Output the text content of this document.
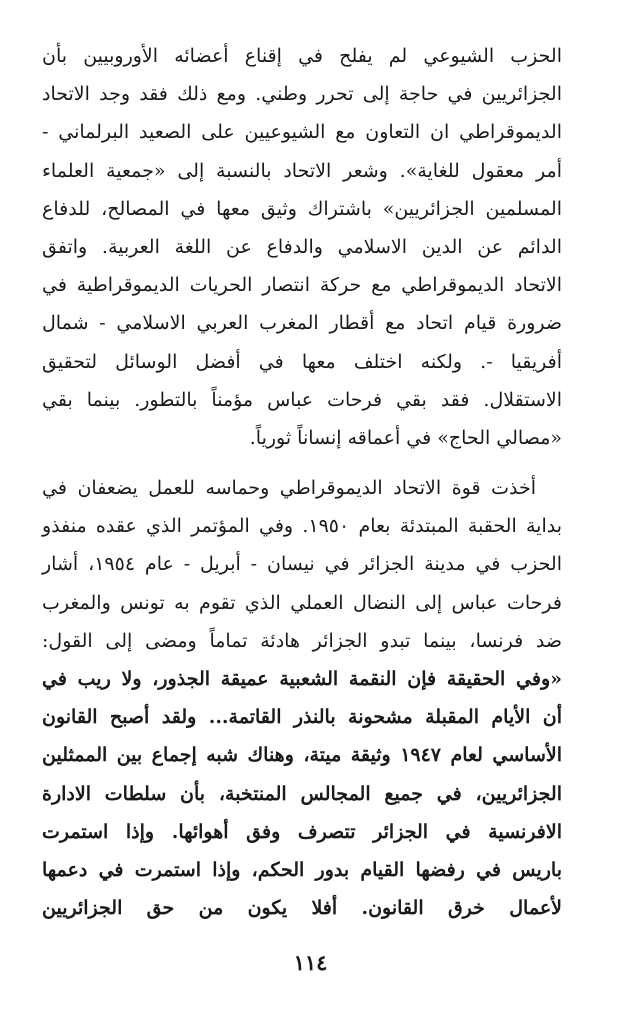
الحزب الشيوعي لم يفلح في إقناع أعضائه الأوروبيين بأن
الجزائريين في حاجة إلى تحرر وطني. ومع ذلك فقد وجد الاتحاد
الديموقراطي ان التعاون مع الشيوعيين على الصعيد البرلماني -
أمر معقول للغاية». وشعر الاتحاد بالنسبة إلى «جمعية العلماء
المسلمين الجزائريين» باشتراك وثيق معها في المصالح، للدفاع
الدائم عن الدين الاسلامي والدفاع عن اللغة العربية. واتفق
الاتحاد الديموقراطي مع حركة انتصار الحريات الديموقراطية في
ضرورة قيام اتحاد مع أقطار المغرب العربي الاسلامي - شمال
أفريقيا -. ولكنه اختلف معها في أفضل الوسائل لتحقيق
الاستقلال. فقد بقي فرحات عباس مؤمناً بالتطور. بينما بقي
«مصالي الحاج» في أعماقه إنساناً ثورياً.
أخذت قوة الاتحاد الديموقراطي وحماسه للعمل يضعفان في
بداية الحقبة المبتدئة بعام ١٩٥٠. وفي المؤتمر الذي عقده منفذو
الحزب في مدينة الجزائر في نيسان - أبريل - عام ١٩٥٤، أشار
فرحات عباس إلى النضال العملي الذي تقوم به تونس والمغرب
ضد فرنسا، بينما تبدو الجزائر هادئة تماماً ومضى إلى القول:
«وفي الحقيقة فإن النقمة الشعبية عميقة الجذور، ولا ريب في
أن الأيام المقبلة مشحونة بالنذر القاتمة... ولقد أصبح القانون
الأساسي لعام ١٩٤٧ وثيقة ميتة، وهناك شبه إجماع بين الممثلين
الجزائريين، في جميع المجالس المنتخبة، بأن سلطات الادارة
الافرنسية في الجزائر تتصرف وفق أهوائها. وإذا استمرت
باريس في رفضها القيام بدور الحكم، وإذا استمرت في دعمها
لأعمال خرق القانون. أفلا يكون من حق الجزائريين
١١٤
